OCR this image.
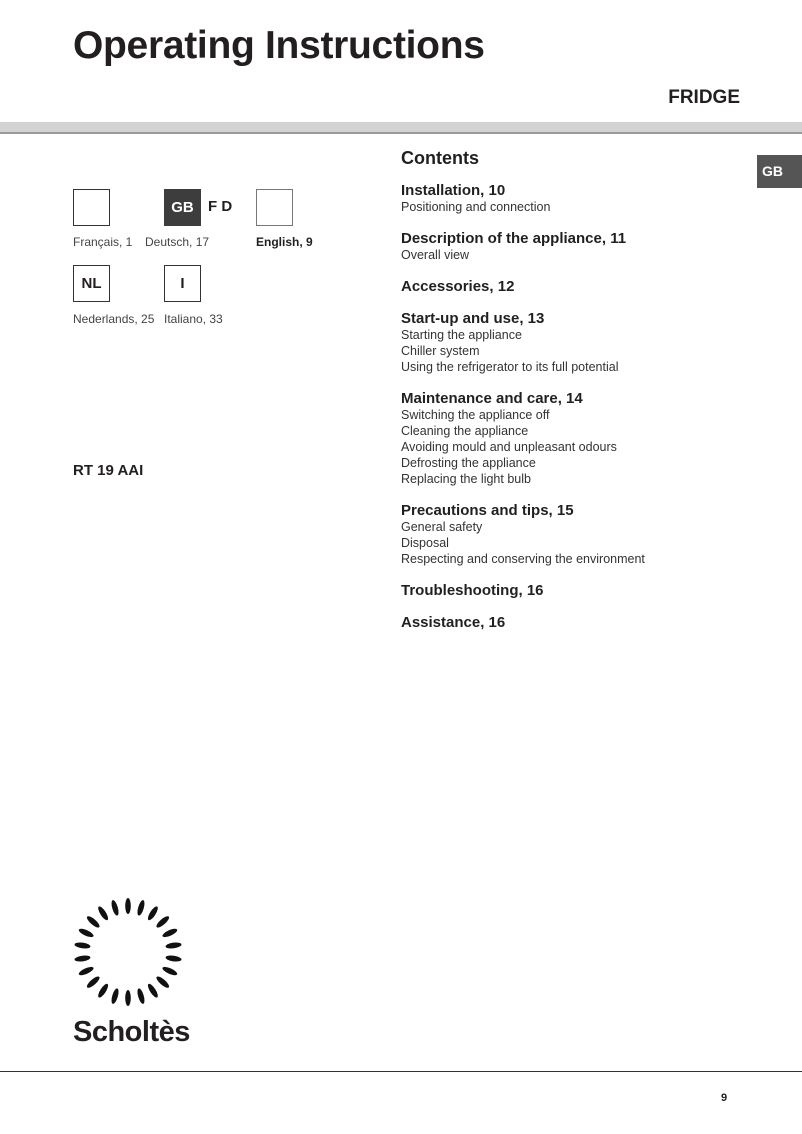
Operating Instructions
FRIDGE
GB
GB F D
Français, 1 Deutsch, 17	English, 9
NL	I
Nederlands, 25 Italiano, 33
RT 19 AAI
Contents
Installation, 10
Positioning and connection
Description of the appliance, 11
Overall view
Accessories, 12
Start-up and use, 13
Starting the appliance
Chiller system
Using the refrigerator to its full potential
Maintenance and care, 14
Switching the appliance off
Cleaning the appliance
Avoiding mould and unpleasant odours
Defrosting the appliance
Replacing the light bulb
Precautions and tips, 15
General safety
Disposal
Respecting and conserving the environment
Troubleshooting, 16
Assistance, 16
Scholtès
9
